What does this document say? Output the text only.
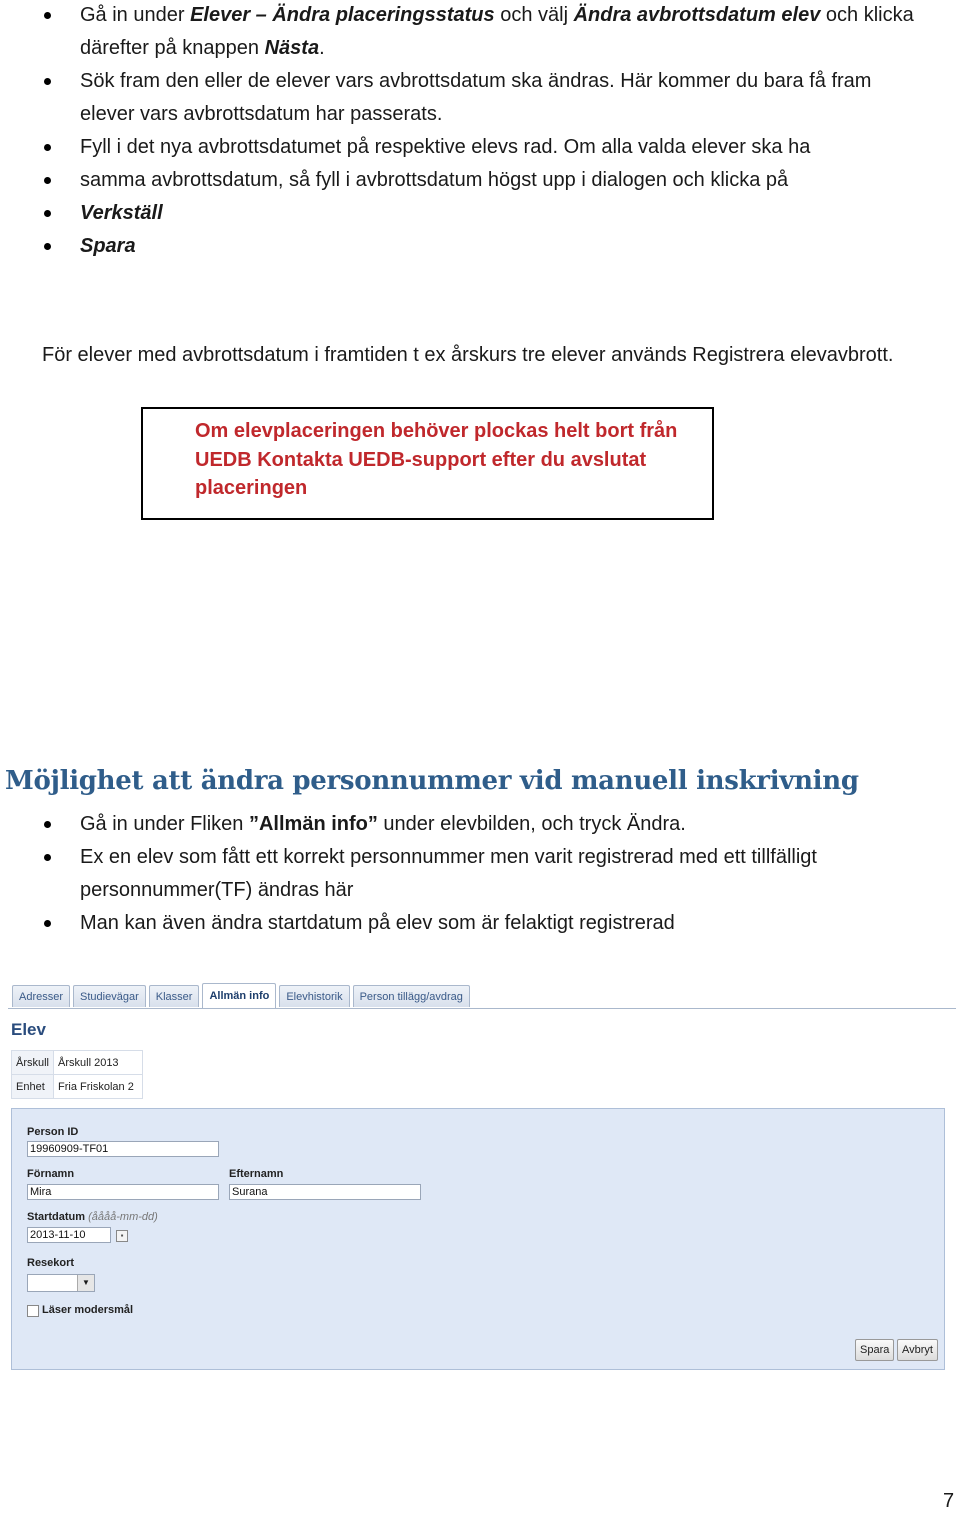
Gå in under Elever – Ändra placeringsstatus och välj Ändra avbrottsdatum elev och klicka
därefter på knappen Nästa.
Sök fram den eller de elever vars avbrottsdatum ska ändras. Här kommer du bara få fram
elever vars avbrottsdatum har passerats.
Fyll i det nya avbrottsdatumet på respektive elevs rad. Om alla valda elever ska ha
samma avbrottsdatum, så fyll i avbrottsdatum högst upp i dialogen och klicka på
Verkställ
Spara
För elever med avbrottsdatum i framtiden t ex årskurs tre elever används Registrera elevavbrott.
Om elevplaceringen behöver plockas helt bort från UEDB Kontakta UEDB-support efter du avslutat placeringen
Möjlighet att ändra personnummer vid manuell inskrivning
Gå in under Fliken ”Allmän info” under elevbilden, och tryck Ändra.
Ex en elev som fått ett korrekt personnummer men varit registrerad med ett tillfälligt
personnummer(TF) ändras här
Man kan även ändra startdatum på elev som är felaktigt registrerad
Adresser	Studievägar	Klasser	Allmän info	Elevhistorik	Person tillägg/avdrag
Elev
Årskull	Årskull 2013
Enhet	Fria Friskolan 2
Person ID
19960909-TF01
Förnamn
Mira
Efternamn
Surana
Startdatum (åååå-mm-dd)
2013-11-10	▪
Resekort
▼
Läser modersmål
Spara	Avbryt
7
